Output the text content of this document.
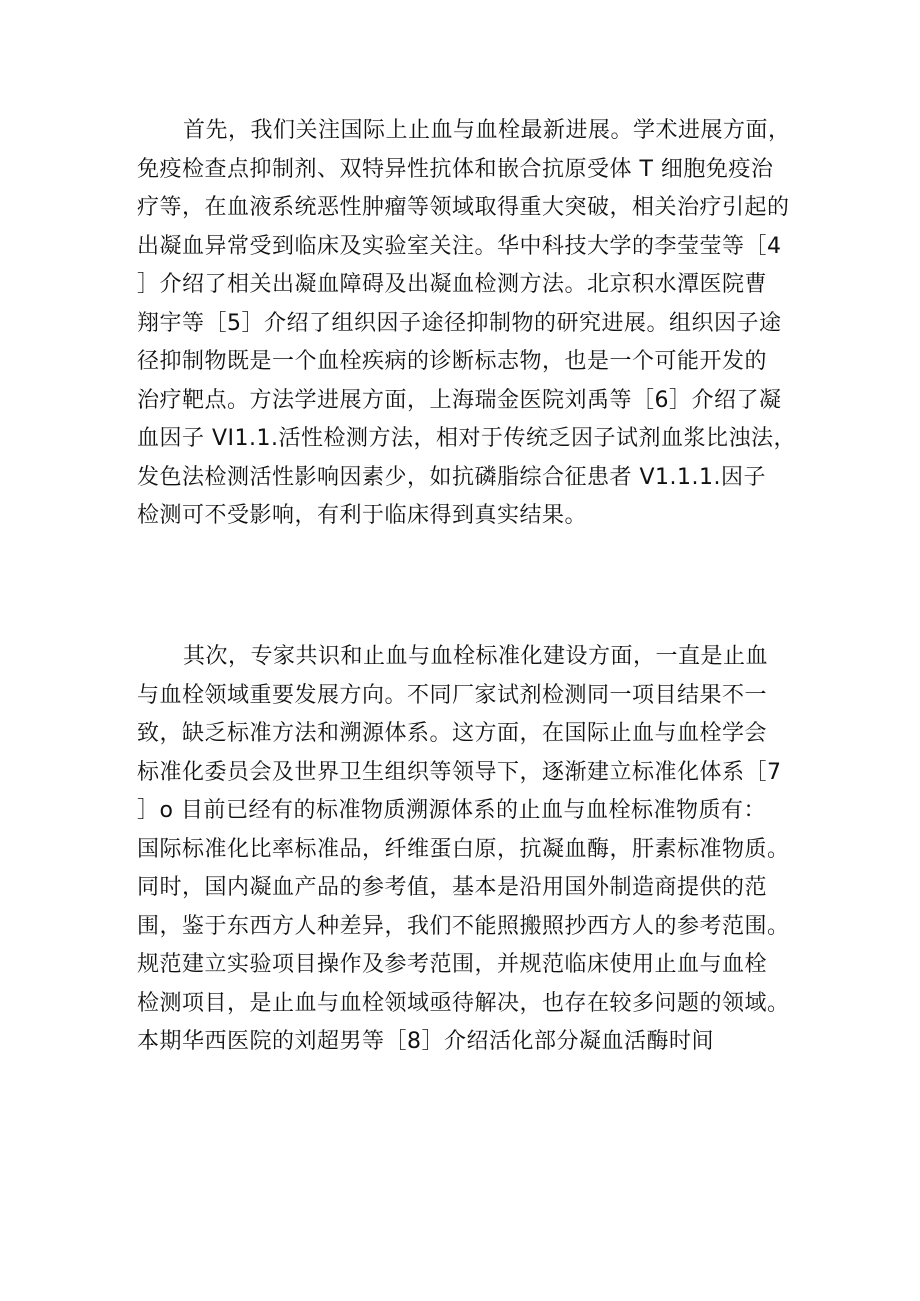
首先，我们关注国际上止血与血栓最新进展。学术进展方面，
免疫检查点抑制剂、双特异性抗体和嵌合抗原受体 T 细胞免疫治
疗等，在血液系统恶性肿瘤等领域取得重大突破，相关治疗引起的
出凝血异常受到临床及实验室关注。华中科技大学的李莹莹等［4
］介绍了相关出凝血障碍及出凝血检测方法。北京积水潭医院曹
翔宇等［5］介绍了组织因子途径抑制物的研究进展。组织因子途
径抑制物既是一个血栓疾病的诊断标志物，也是一个可能开发的
治疗靶点。方法学进展方面，上海瑞金医院刘禹等［6］介绍了凝
血因子 VI1.1.活性检测方法，相对于传统乏因子试剂血浆比浊法，
发色法检测活性影响因素少，如抗磷脂综合征患者 V1.1.1.因子
检测可不受影响，有利于临床得到真实结果。
其次，专家共识和止血与血栓标准化建设方面，一直是止血
与血栓领域重要发展方向。不同厂家试剂检测同一项目结果不一
致，缺乏标准方法和溯源体系。这方面，在国际止血与血栓学会
标准化委员会及世界卫生组织等领导下，逐渐建立标准化体系［7
］o 目前已经有的标准物质溯源体系的止血与血栓标准物质有：
国际标准化比率标准品，纤维蛋白原，抗凝血酶，肝素标准物质。
同时，国内凝血产品的参考值，基本是沿用国外制造商提供的范
围，鉴于东西方人种差异，我们不能照搬照抄西方人的参考范围。
规范建立实验项目操作及参考范围，并规范临床使用止血与血栓
检测项目，是止血与血栓领域亟待解决，也存在较多问题的领域。
本期华西医院的刘超男等［8］介绍活化部分凝血活酶时间
